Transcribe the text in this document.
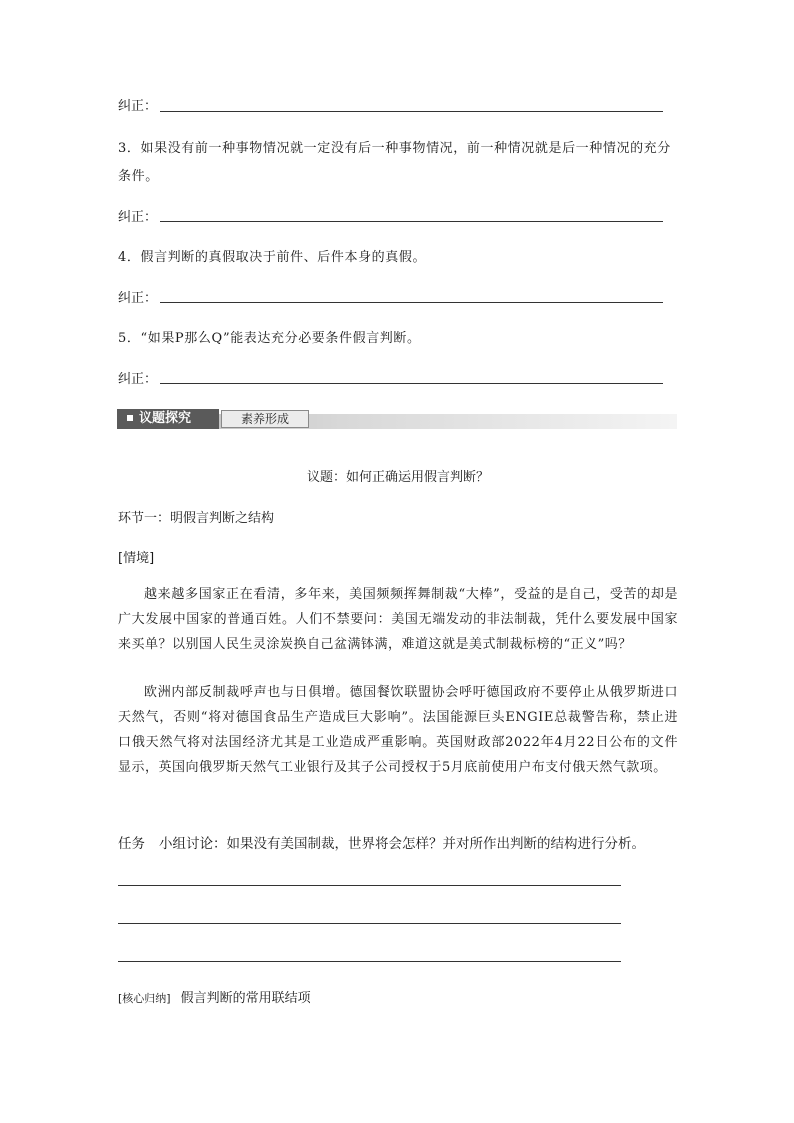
纠正：
3．如果没有前一种事物情况就一定没有后一种事物情况，前一种情况就是后一种情况的充分
条件。
纠正：
4．假言判断的真假取决于前件、后件本身的真假。
纠正：
5．“如果P那么Q”能表达充分必要条件假言判断。
纠正：
议题探究	素养形成
议题：如何正确运用假言判断？
环节一：明假言判断之结构
[情境]
越来越多国家正在看清，多年来，美国频频挥舞制裁“大棒”，受益的是自己，受苦的却是广大发展中国家的普通百姓。人们不禁要问：美国无端发动的非法制裁，凭什么要发展中国家来买单？以别国人民生灵涂炭换自己盆满钵满，难道这就是美式制裁标榜的“正义”吗？
欧洲内部反制裁呼声也与日俱增。德国餐饮联盟协会呼吁德国政府不要停止从俄罗斯进口天然气，否则“将对德国食品生产造成巨大影响”。法国能源巨头ENGIE总裁警告称，禁止进口俄天然气将对法国经济尤其是工业造成严重影响。英国财政部2022年4月22日公布的文件显示，英国向俄罗斯天然气工业银行及其子公司授权于5月底前使用户布支付俄天然气款项。
任务 小组讨论：如果没有美国制裁，世界将会怎样？并对所作出判断的结构进行分析。
[核心归纳] 假言判断的常用联结项
